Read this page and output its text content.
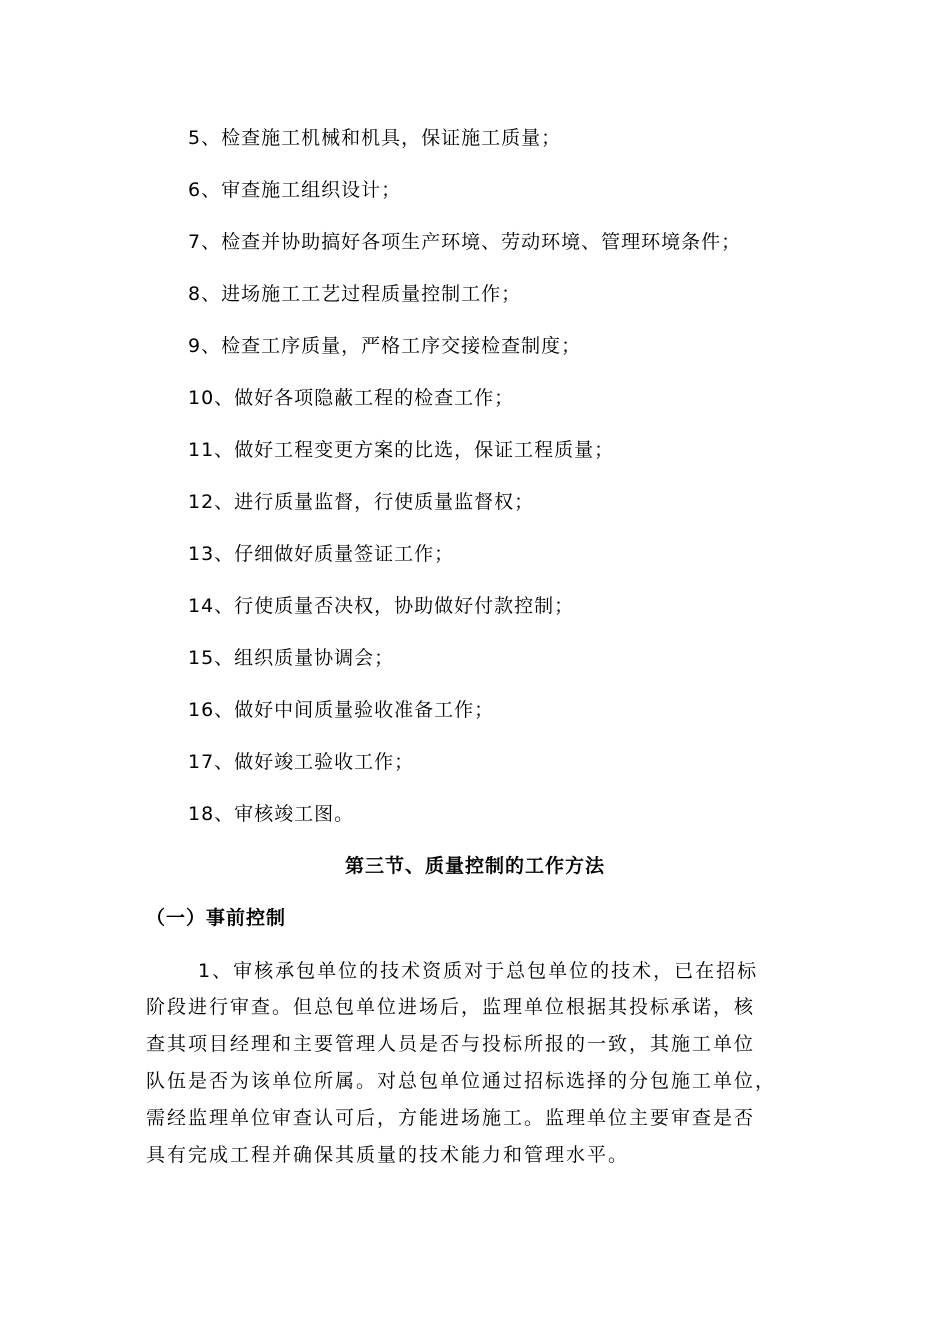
5、检查施工机械和机具，保证施工质量；
6、审查施工组织设计；
7、检查并协助搞好各项生产环境、劳动环境、管理环境条件；
8、进场施工工艺过程质量控制工作；
9、检查工序质量，严格工序交接检查制度；
10、做好各项隐蔽工程的检查工作；
11、做好工程变更方案的比选，保证工程质量；
12、进行质量监督，行使质量监督权；
13、仔细做好质量签证工作；
14、行使质量否决权，协助做好付款控制；
15、组织质量协调会；
16、做好中间质量验收准备工作；
17、做好竣工验收工作；
18、审核竣工图。
第三节、质量控制的工作方法
（一）事前控制
1、审核承包单位的技术资质对于总包单位的技术，已在招标
阶段进行审查。但总包单位进场后，监理单位根据其投标承诺，核
查其项目经理和主要管理人员是否与投标所报的一致，其施工单位
队伍是否为该单位所属。对总包单位通过招标选择的分包施工单位，
需经监理单位审查认可后，方能进场施工。监理单位主要审查是否
具有完成工程并确保其质量的技术能力和管理水平。
